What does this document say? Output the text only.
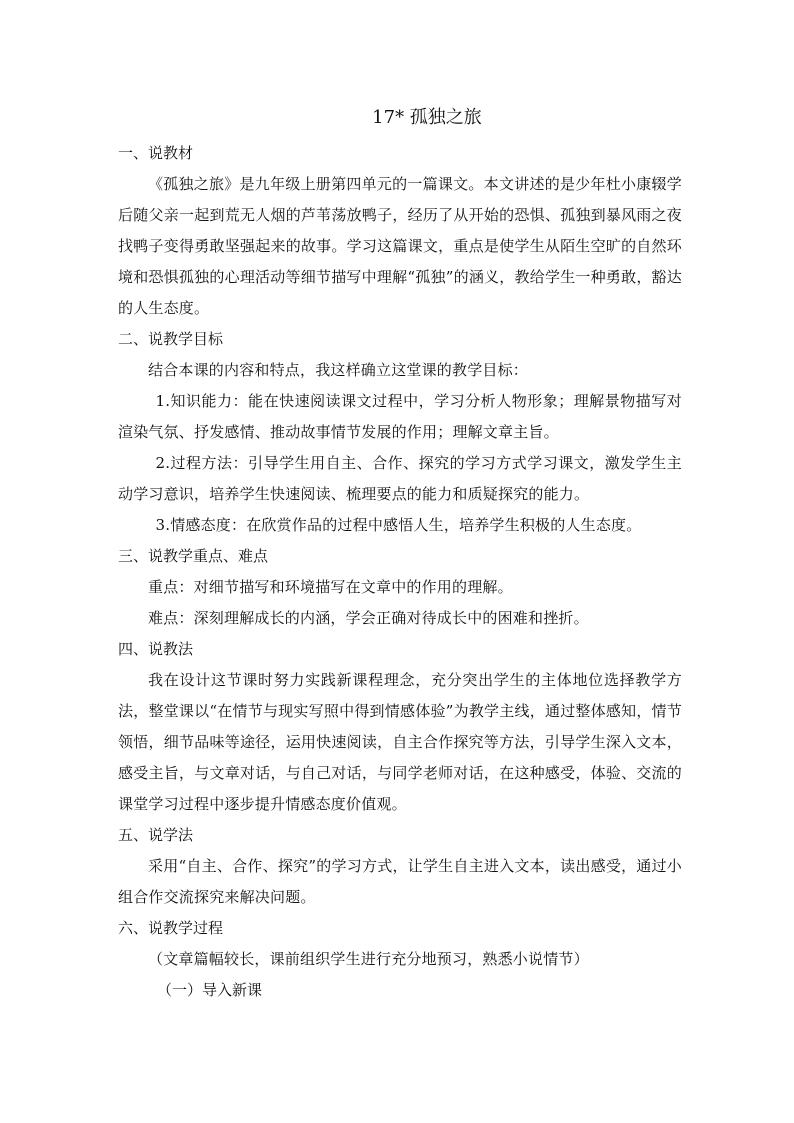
17* 孤独之旅
一、说教材
《孤独之旅》是九年级上册第四单元的一篇课文。本文讲述的是少年杜小康辍学后随父亲一起到荒无人烟的芦苇荡放鸭子，经历了从开始的恐惧、孤独到暴风雨之夜找鸭子变得勇敢坚强起来的故事。学习这篇课文，重点是使学生从陌生空旷的自然环境和恐惧孤独的心理活动等细节描写中理解“孤独”的涵义，教给学生一种勇敢，豁达的人生态度。
二、说教学目标
结合本课的内容和特点，我这样确立这堂课的教学目标：
1.知识能力：能在快速阅读课文过程中，学习分析人物形象；理解景物描写对渲染气氛、抒发感情、推动故事情节发展的作用；理解文章主旨。
2.过程方法：引导学生用自主、合作、探究的学习方式学习课文，激发学生主动学习意识，培养学生快速阅读、梳理要点的能力和质疑探究的能力。
3.情感态度：在欣赏作品的过程中感悟人生，培养学生积极的人生态度。
三、说教学重点、难点
重点：对细节描写和环境描写在文章中的作用的理解。
难点：深刻理解成长的内涵，学会正确对待成长中的困难和挫折。
四、说教法
我在设计这节课时努力实践新课程理念，充分突出学生的主体地位选择教学方法，整堂课以“在情节与现实写照中得到情感体验”为教学主线，通过整体感知，情节领悟，细节品味等途径，运用快速阅读，自主合作探究等方法，引导学生深入文本，感受主旨，与文章对话，与自己对话，与同学老师对话，在这种感受，体验、交流的课堂学习过程中逐步提升情感态度价值观。
五、说学法
采用“自主、合作、探究”的学习方式，让学生自主进入文本，读出感受，通过小组合作交流探究来解决问题。
六、说教学过程
（文章篇幅较长，课前组织学生进行充分地预习，熟悉小说情节）
（一）导入新课
